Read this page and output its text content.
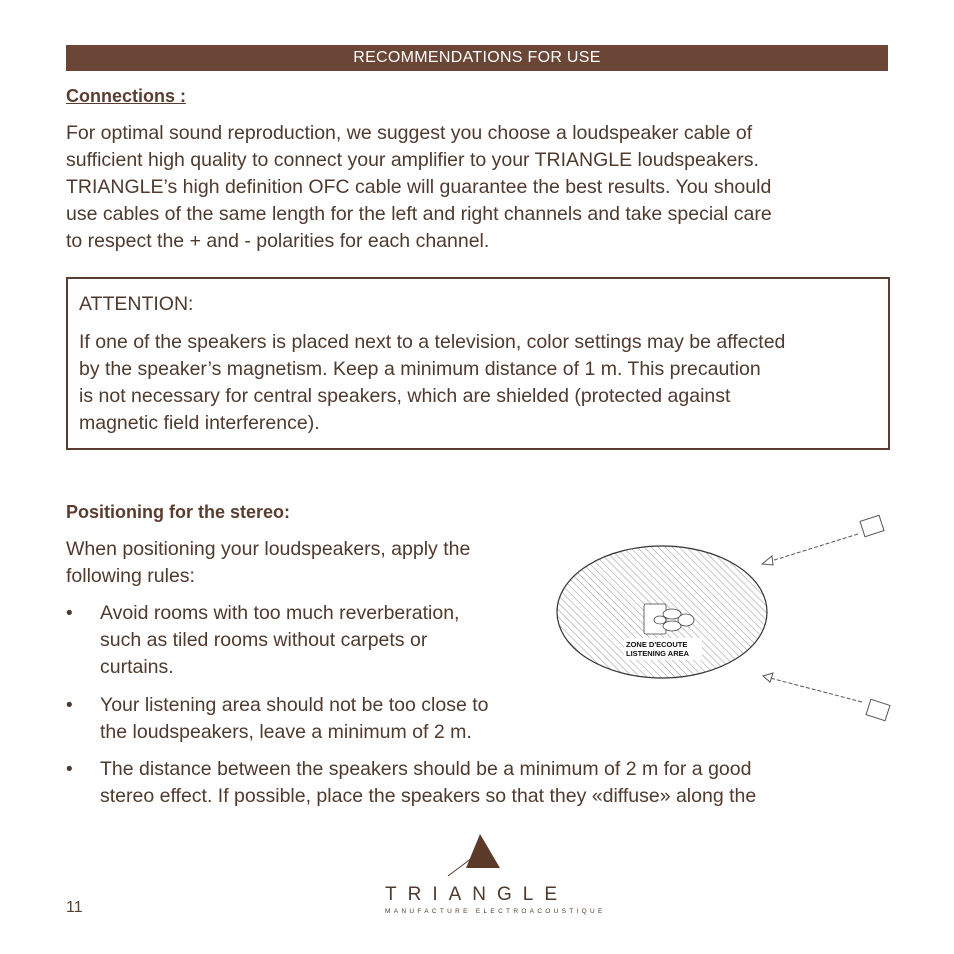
RECOMMENDATIONS FOR USE
Connections :
For optimal sound reproduction, we suggest you choose a loudspeaker cable of
sufficient high quality to connect your amplifier to your TRIANGLE loudspeakers.
TRIANGLE’s high definition OFC cable will guarantee the best results. You should
use cables of the same length for the left and right channels and take special care
to respect the + and - polarities for each channel.
ATTENTION:
If one of the speakers is placed next to a television, color settings may be affected
by the speaker’s magnetism. Keep a minimum distance of 1 m. This precaution
is not necessary for central speakers, which are shielded (protected against
magnetic field interference).
Positioning for the stereo:
When positioning your loudspeakers, apply the
following rules:
•	Avoid rooms with too much reverberation,
such as tiled rooms without carpets or
curtains.
•	Your listening area should not be too close to
the loudspeakers, leave a minimum of 2 m.
•	The distance between the speakers should be a minimum of 2 m for a good
stereo effect. If possible, place the speakers so that they «diffuse» along the
ZONE D'ECOUTE
LISTENING AREA
11
TRIANGLE
MANUFACTURE ELECTROACOUSTIQUE
